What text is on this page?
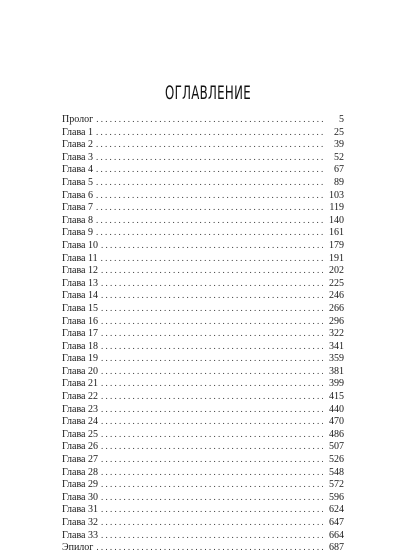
ОГЛАВЛЕНИЕ
Пролог . . .	5
Глава 1 . . .	25
Глава 2 . . .	39
Глава 3 . . .	52
Глава 4 . . .	67
Глава 5 . . .	89
Глава 6 . . .	103
Глава 7 . . .	119
Глава 8 . . .	140
Глава 9 . . .	161
Глава 10 . . .	179
Глава 11 . . .	191
Глава 12 . . .	202
Глава 13 . . .	225
Глава 14 . . .	246
Глава 15 . . .	266
Глава 16 . . .	296
Глава 17 . . .	322
Глава 18 . . .	341
Глава 19 . . .	359
Глава 20 . . .	381
Глава 21 . . .	399
Глава 22 . . .	415
Глава 23 . . .	440
Глава 24 . . .	470
Глава 25 . . .	486
Глава 26 . . .	507
Глава 27 . . .	526
Глава 28 . . .	548
Глава 29 . . .	572
Глава 30 . . .	596
Глава 31 . . .	624
Глава 32 . . .	647
Глава 33 . . .	664
Эпилог . . .	687
